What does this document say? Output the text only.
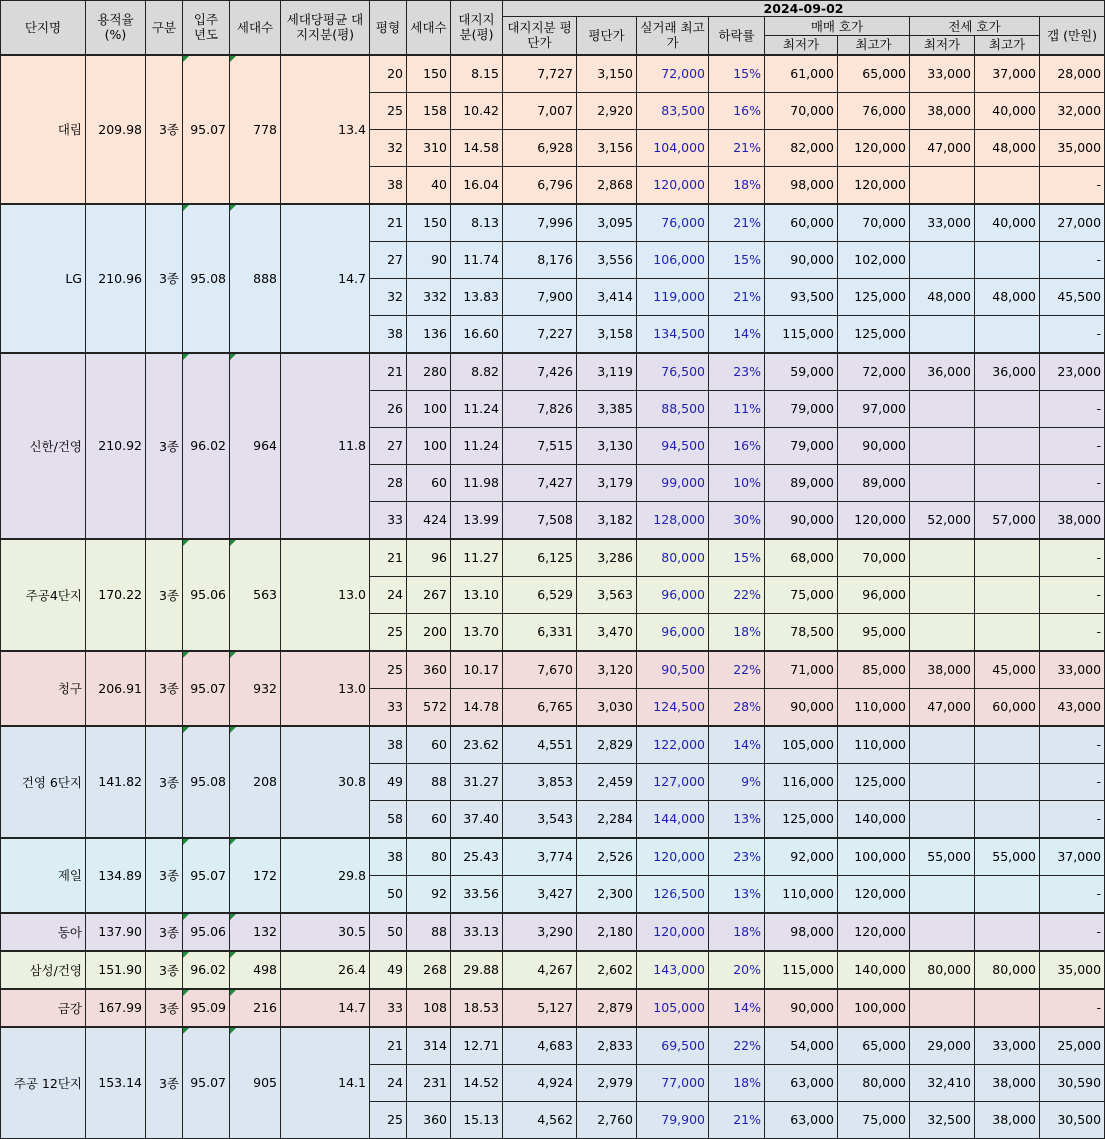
단지명	용적율 (%)	구분	입주 년도	세대수	세대당평균 대지지분(평)	평형	세대수	대지지 분(평)	2024-09-02								
									대지지분 평단가	평단가	실거래 최고가	하락률	매매 호가		전세 호가		갭 (만원)
													최저가	최고가	최저가	최고가	
대림	209.98	3종	95.07	778	13.4	20	150	8.15	7,727	3,150	72,000	15%	61,000	65,000	33,000	37,000	28,000
						25	158	10.42	7,007	2,920	83,500	16%	70,000	76,000	38,000	40,000	32,000
						32	310	14.58	6,928	3,156	104,000	21%	82,000	120,000	47,000	48,000	35,000
						38	40	16.04	6,796	2,868	120,000	18%	98,000	120,000			-
LG	210.96	3종	95.08	888	14.7	21	150	8.13	7,996	3,095	76,000	21%	60,000	70,000	33,000	40,000	27,000
						27	90	11.74	8,176	3,556	106,000	15%	90,000	102,000			-
						32	332	13.83	7,900	3,414	119,000	21%	93,500	125,000	48,000	48,000	45,500
						38	136	16.60	7,227	3,158	134,500	14%	115,000	125,000			-
신한/건영	210.92	3종	96.02	964	11.8	21	280	8.82	7,426	3,119	76,500	23%	59,000	72,000	36,000	36,000	23,000
						26	100	11.24	7,826	3,385	88,500	11%	79,000	97,000			-
						27	100	11.24	7,515	3,130	94,500	16%	79,000	90,000			-
						28	60	11.98	7,427	3,179	99,000	10%	89,000	89,000			-
						33	424	13.99	7,508	3,182	128,000	30%	90,000	120,000	52,000	57,000	38,000
주공4단지	170.22	3종	95.06	563	13.0	21	96	11.27	6,125	3,286	80,000	15%	68,000	70,000			-
						24	267	13.10	6,529	3,563	96,000	22%	75,000	96,000			-
						25	200	13.70	6,331	3,470	96,000	18%	78,500	95,000			-
청구	206.91	3종	95.07	932	13.0	25	360	10.17	7,670	3,120	90,500	22%	71,000	85,000	38,000	45,000	33,000
						33	572	14.78	6,765	3,030	124,500	28%	90,000	110,000	47,000	60,000	43,000
건영 6단지	141.82	3종	95.08	208	30.8	38	60	23.62	4,551	2,829	122,000	14%	105,000	110,000			-
						49	88	31.27	3,853	2,459	127,000	9%	116,000	125,000			-
						58	60	37.40	3,543	2,284	144,000	13%	125,000	140,000			-
제일	134.89	3종	95.07	172	29.8	38	80	25.43	3,774	2,526	120,000	23%	92,000	100,000	55,000	55,000	37,000
						50	92	33.56	3,427	2,300	126,500	13%	110,000	120,000			-
동아	137.90	3종	95.06	132	30.5	50	88	33.13	3,290	2,180	120,000	18%	98,000	120,000			-
삼성/건영	151.90	3종	96.02	498	26.4	49	268	29.88	4,267	2,602	143,000	20%	115,000	140,000	80,000	80,000	35,000
금강	167.99	3종	95.09	216	14.7	33	108	18.53	5,127	2,879	105,000	14%	90,000	100,000			-
주공 12단지	153.14	3종	95.07	905	14.1	21	314	12.71	4,683	2,833	69,500	22%	54,000	65,000	29,000	33,000	25,000
						24	231	14.52	4,924	2,979	77,000	18%	63,000	80,000	32,410	38,000	30,590
						25	360	15.13	4,562	2,760	79,900	21%	63,000	75,000	32,500	38,000	30,500
